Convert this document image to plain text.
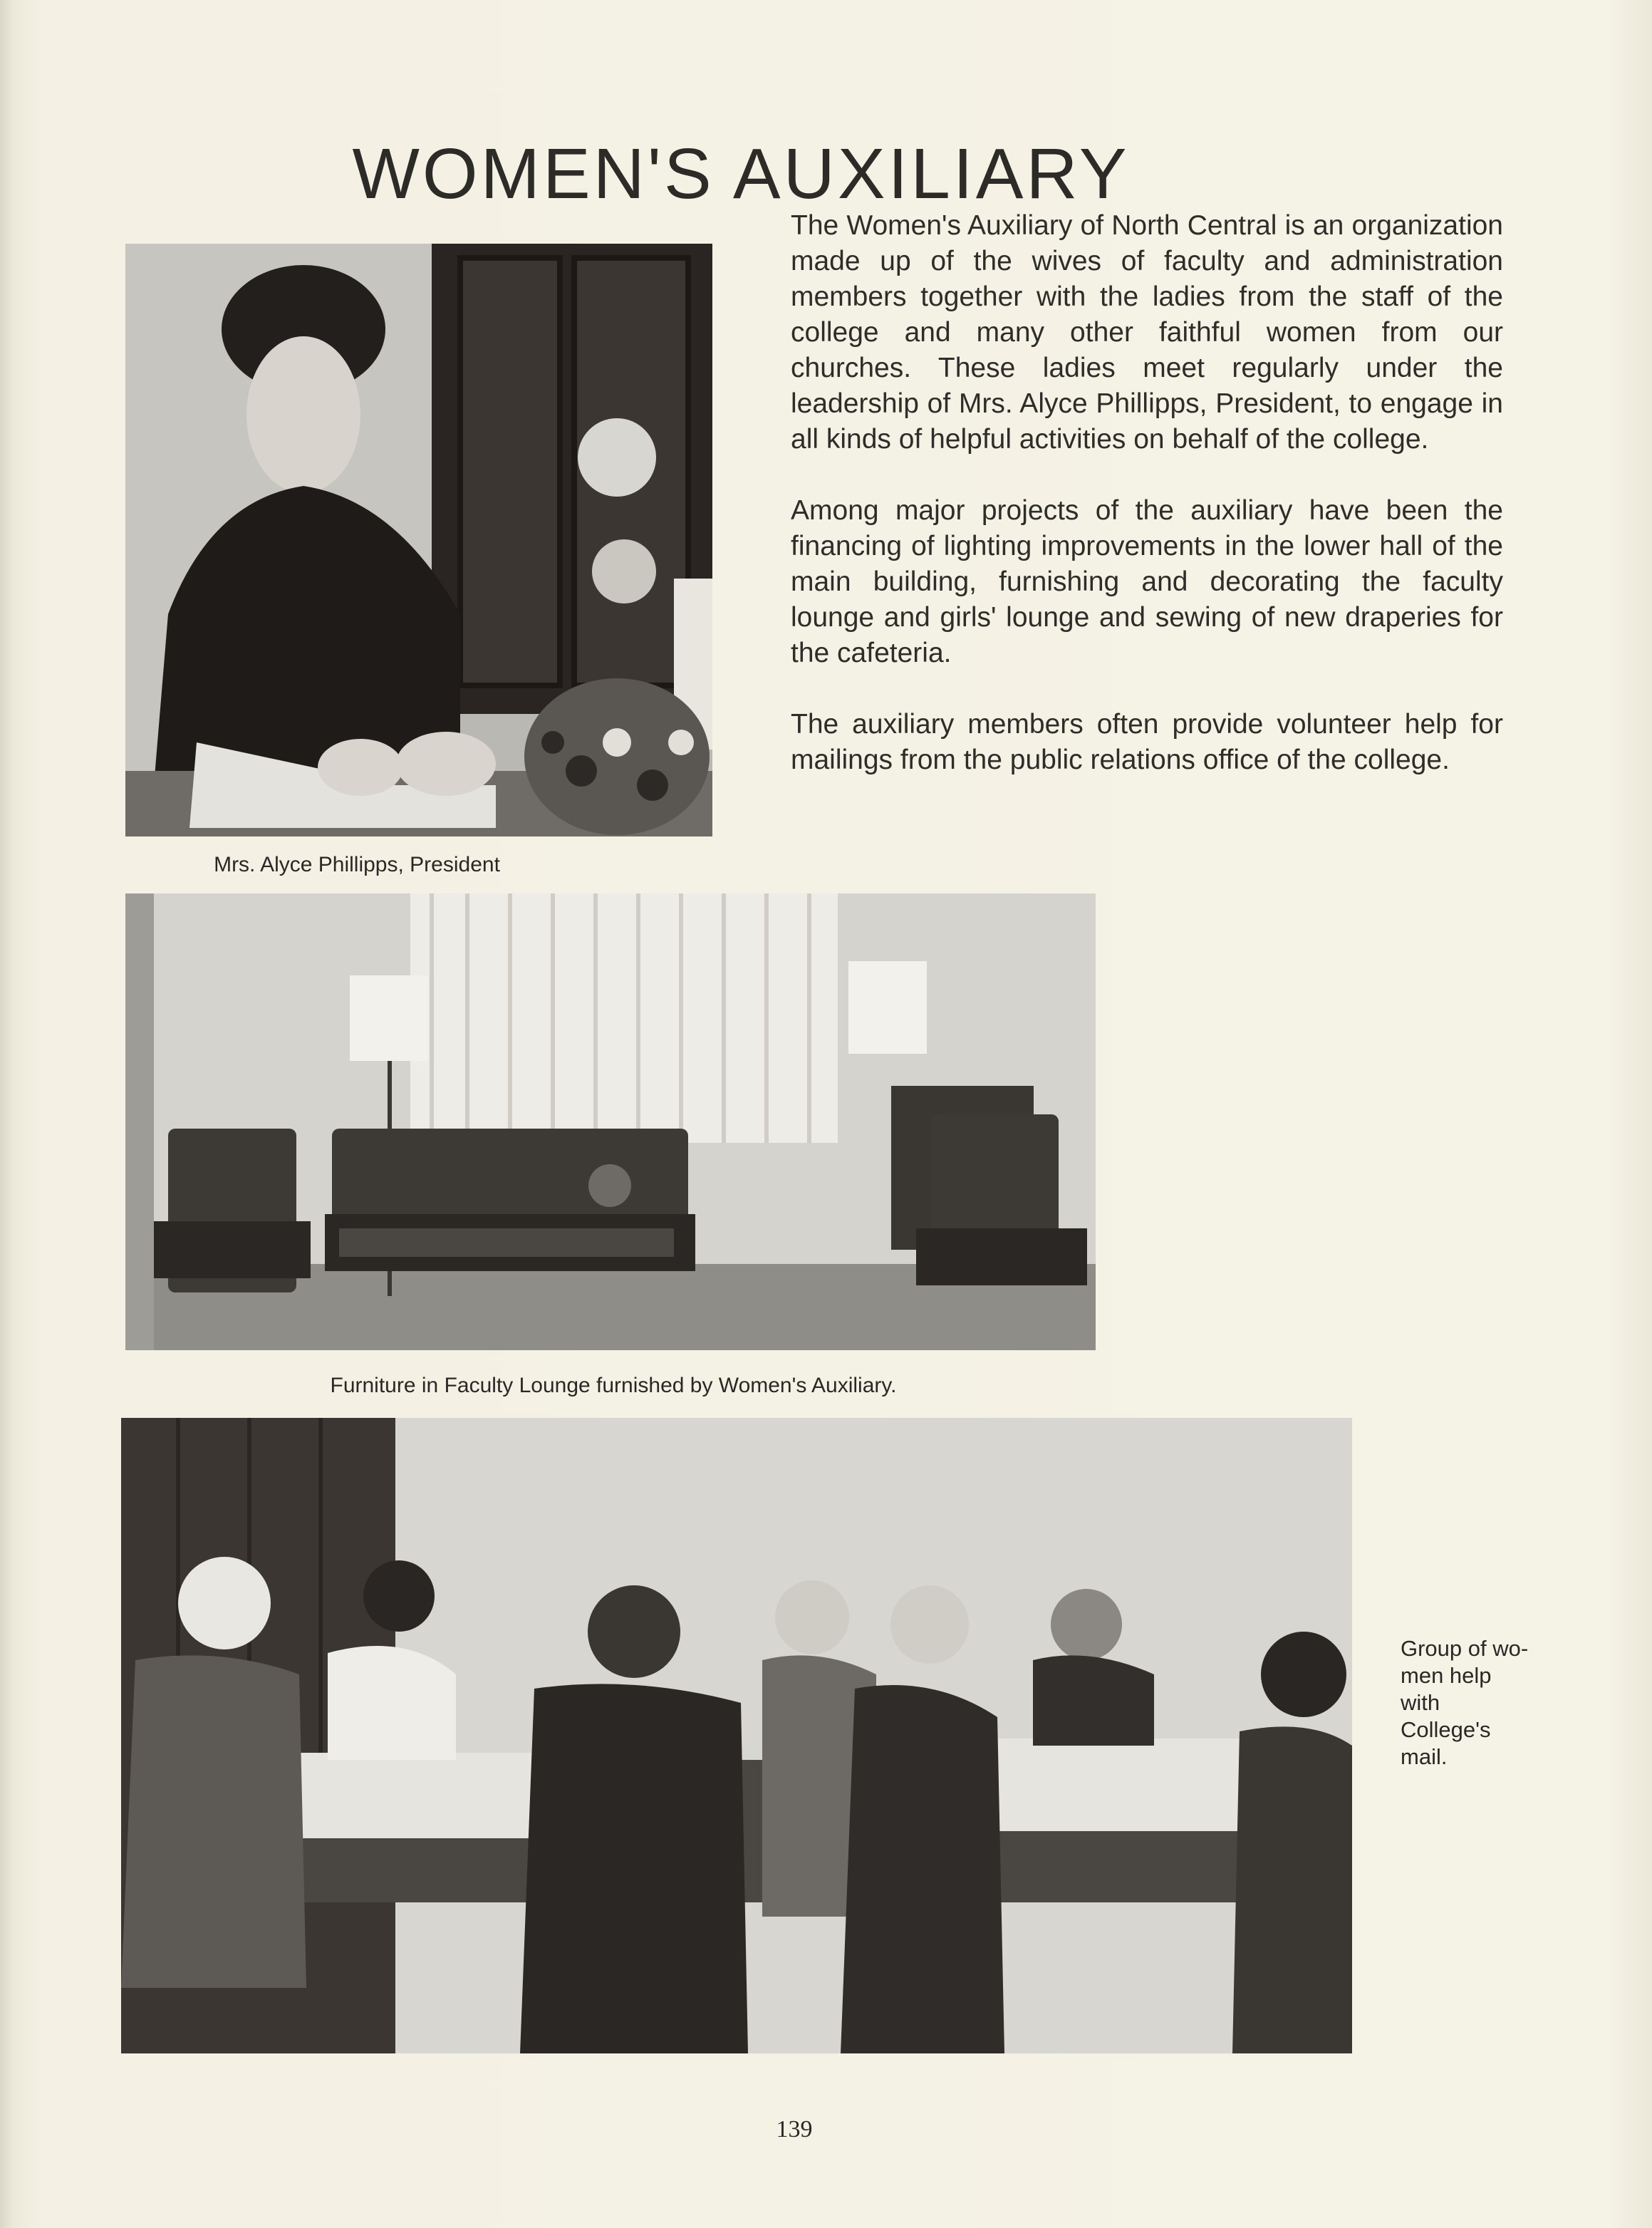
WOMEN'S AUXILIARY

The Women's Auxiliary of North Central is an organization made up of the wives of faculty and administration members together with the ladies from the staff of the college and many other faithful women from our churches. These ladies meet regularly under the leadership of Mrs. Alyce Phillipps, President, to engage in all kinds of helpful activities on behalf of the college.

Among major projects of the auxiliary have been the financing of lighting improvements in the lower hall of the main building, furnishing and decorating the faculty lounge and girls' lounge and sewing of new draperies for the cafeteria.

The auxiliary members often provide volunteer help for mailings from the public relations office of the college.

Mrs. Alyce Phillipps, President
Furniture in Faculty Lounge furnished by Women's Auxiliary.
Group of wo- men help with College's mail.
139
